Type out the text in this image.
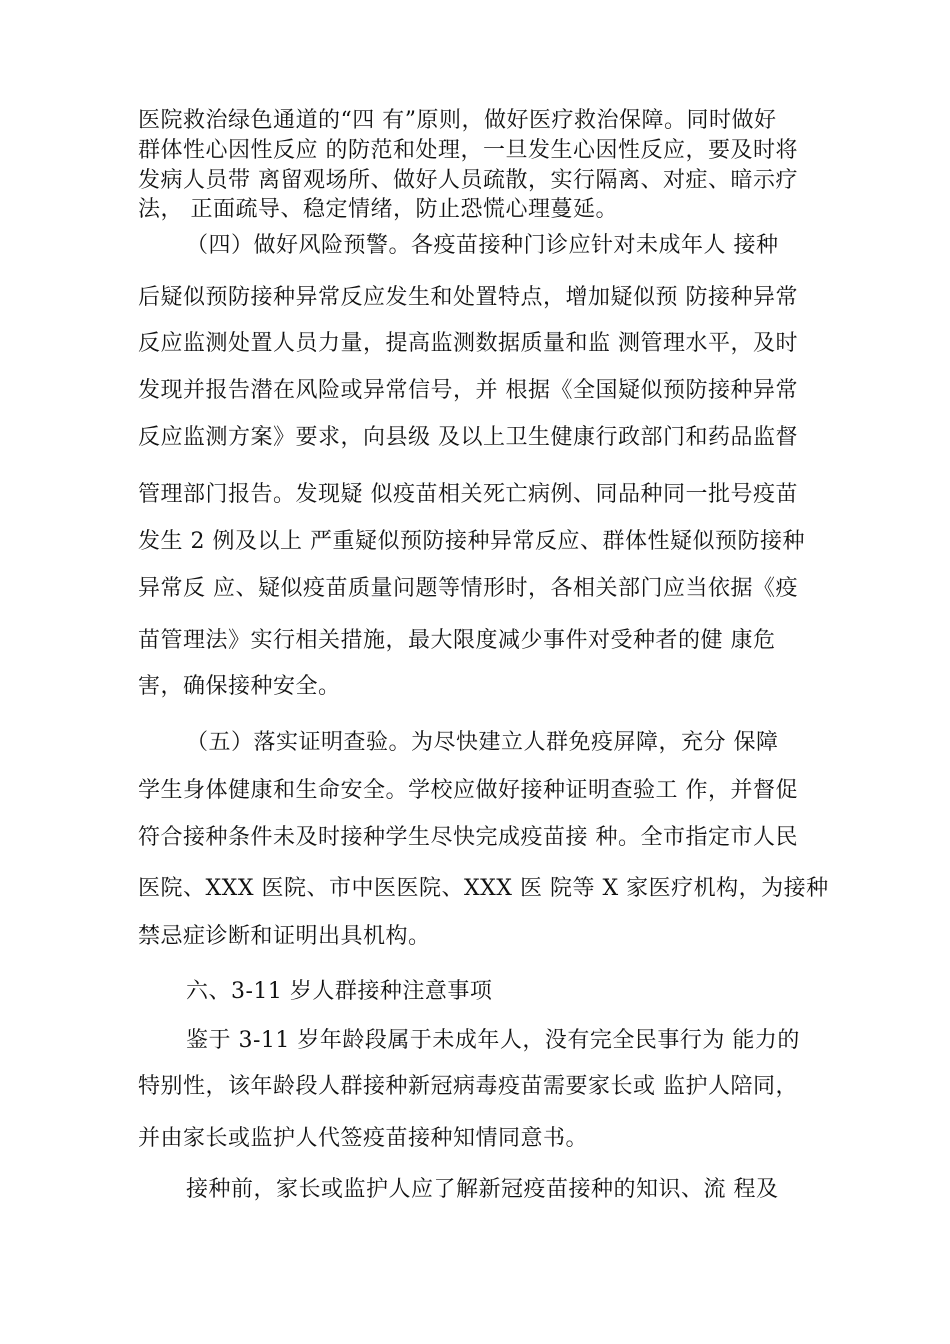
医院救治绿色通道的“四 有”原则，做好医疗救治保障。同时做好
群体性心因性反应 的防范和处理，一旦发生心因性反应，要及时将
发病人员带 离留观场所、做好人员疏散，实行隔离、对症、暗示疗
法， 正面疏导、稳定情绪，防止恐慌心理蔓延。
（四）做好风险预警。各疫苗接种门诊应针对未成年人 接种
后疑似预防接种异常反应发生和处置特点，增加疑似预 防接种异常
反应监测处置人员力量，提高监测数据质量和监 测管理水平，及时
发现并报告潜在风险或异常信号，并 根据《全国疑似预防接种异常
反应监测方案》要求，向县级 及以上卫生健康行政部门和药品监督
管理部门报告。发现疑 似疫苗相关死亡病例、同品种同一批号疫苗
发生 2 例及以上 严重疑似预防接种异常反应、群体性疑似预防接种
异常反 应、疑似疫苗质量问题等情形时，各相关部门应当依据《疫
苗管理法》实行相关措施，最大限度减少事件对受种者的健 康危
害，确保接种安全。
（五）落实证明查验。为尽快建立人群免疫屏障，充分 保障
学生身体健康和生命安全。学校应做好接种证明查验工 作，并督促
符合接种条件未及时接种学生尽快完成疫苗接 种。全市指定市人民
医院、XXX 医院、市中医医院、XXX 医 院等 X 家医疗机构，为接种
禁忌症诊断和证明出具机构。
六、3-11 岁人群接种注意事项
鉴于 3-11 岁年龄段属于未成年人，没有完全民事行为 能力的
特别性，该年龄段人群接种新冠病毒疫苗需要家长或 监护人陪同，
并由家长或监护人代签疫苗接种知情同意书。
接种前，家长或监护人应了解新冠疫苗接种的知识、流 程及
